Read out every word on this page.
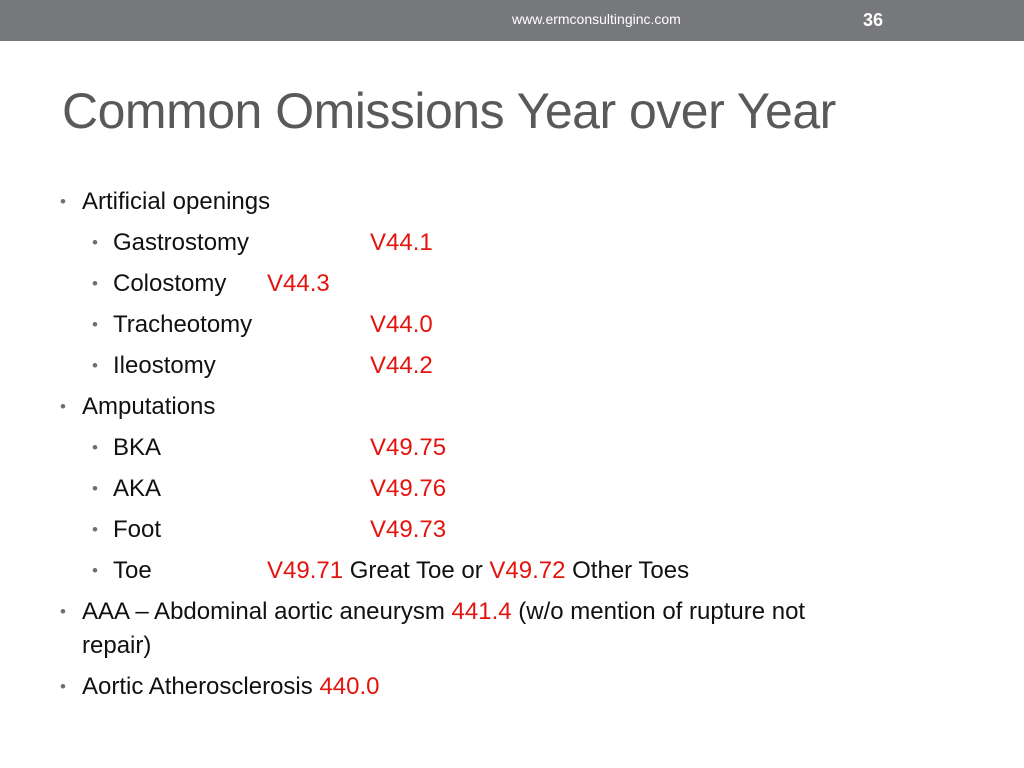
www.ermconsultinginc.com	36
Common Omissions Year over Year
• Artificial openings
• Gastrostomy	V44.1
• Colostomy V44.3
• Tracheotomy	V44.0
• Ileostomy	V44.2
• Amputations
• BKA	V49.75
• AKA	V49.76
• Foot	V49.73
• Toe	V49.71 Great Toe or V49.72 Other Toes
• AAA – Abdominal aortic aneurysm 441.4 (w/o mention of rupture not
repair)
• Aortic Atherosclerosis 440.0
